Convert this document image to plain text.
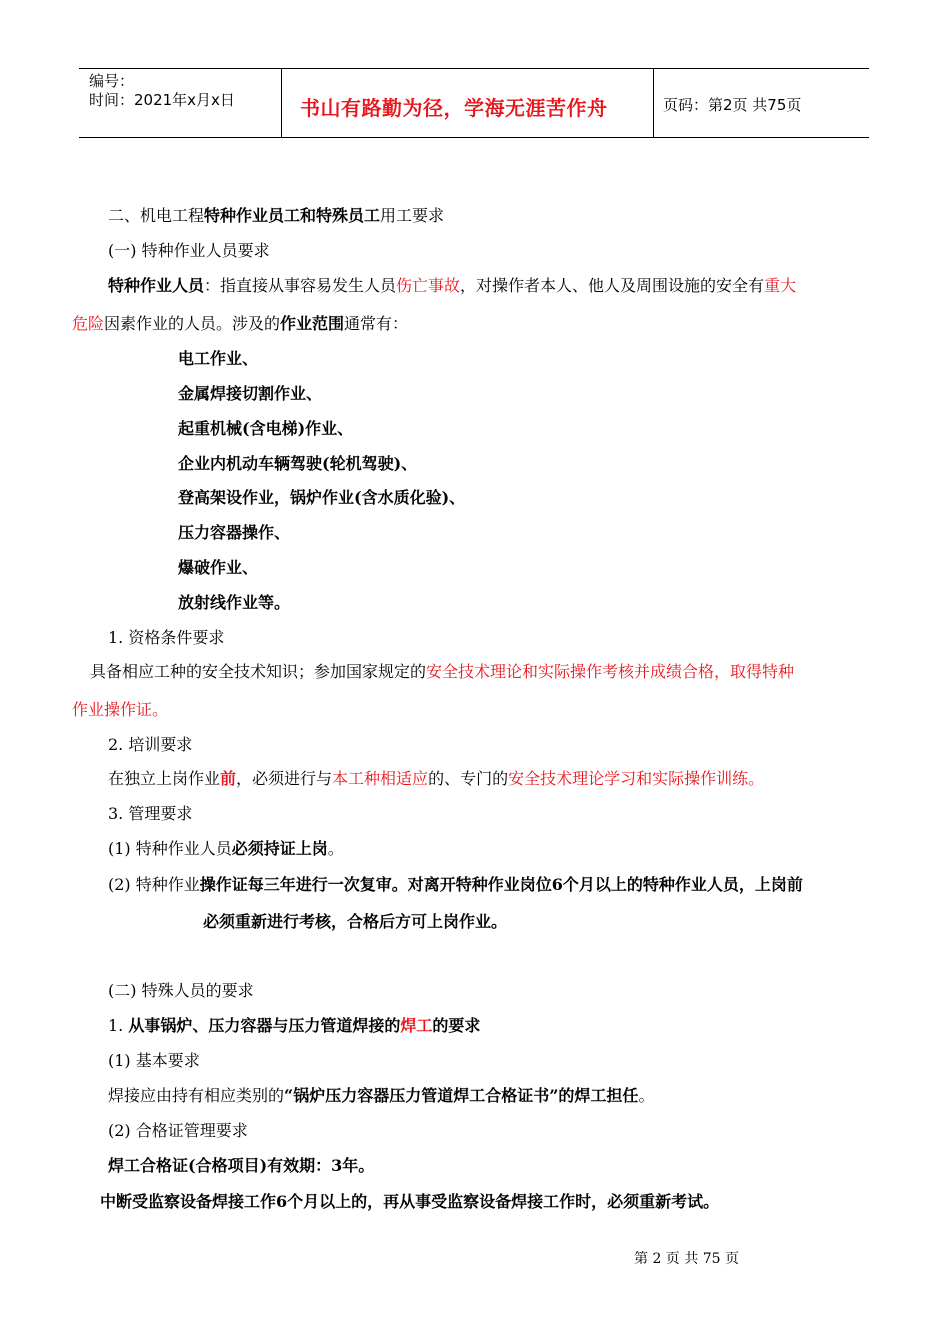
编号：
时间：2021年x月x日	书山有路勤为径，学海无涯苦作舟	页码：第2页 共75页
二、机电工程特种作业员工和特殊员工用工要求
(一) 特种作业人员要求
特种作业人员：指直接从事容易发生人员伤亡事故，对操作者本人、他人及周围设施的安全有重大
危险因素作业的人员。涉及的作业范围通常有：
电工作业、
金属焊接切割作业、
起重机械(含电梯)作业、
企业内机动车辆驾驶(轮机驾驶)、
登高架设作业，锅炉作业(含水质化验)、
压力容器操作、
爆破作业、
放射线作业等。
1. 资格条件要求
具备相应工种的安全技术知识；参加国家规定的安全技术理论和实际操作考核并成绩合格，取得特种
作业操作证。
2. 培训要求
在独立上岗作业前，必须进行与本工种相适应的、专门的安全技术理论学习和实际操作训练。
3. 管理要求
(1) 特种作业人员必须持证上岗。
(2) 特种作业操作证每三年进行一次复审。对离开特种作业岗位6个月以上的特种作业人员，上岗前
必须重新进行考核，合格后方可上岗作业。
(二) 特殊人员的要求
1. 从事锅炉、压力容器与压力管道焊接的焊工的要求
(1) 基本要求
焊接应由持有相应类别的“锅炉压力容器压力管道焊工合格证书”的焊工担任。
(2) 合格证管理要求
焊工合格证(合格项目)有效期：3年。
中断受监察设备焊接工作6个月以上的，再从事受监察设备焊接工作时，必须重新考试。
第 2 页 共 75 页
